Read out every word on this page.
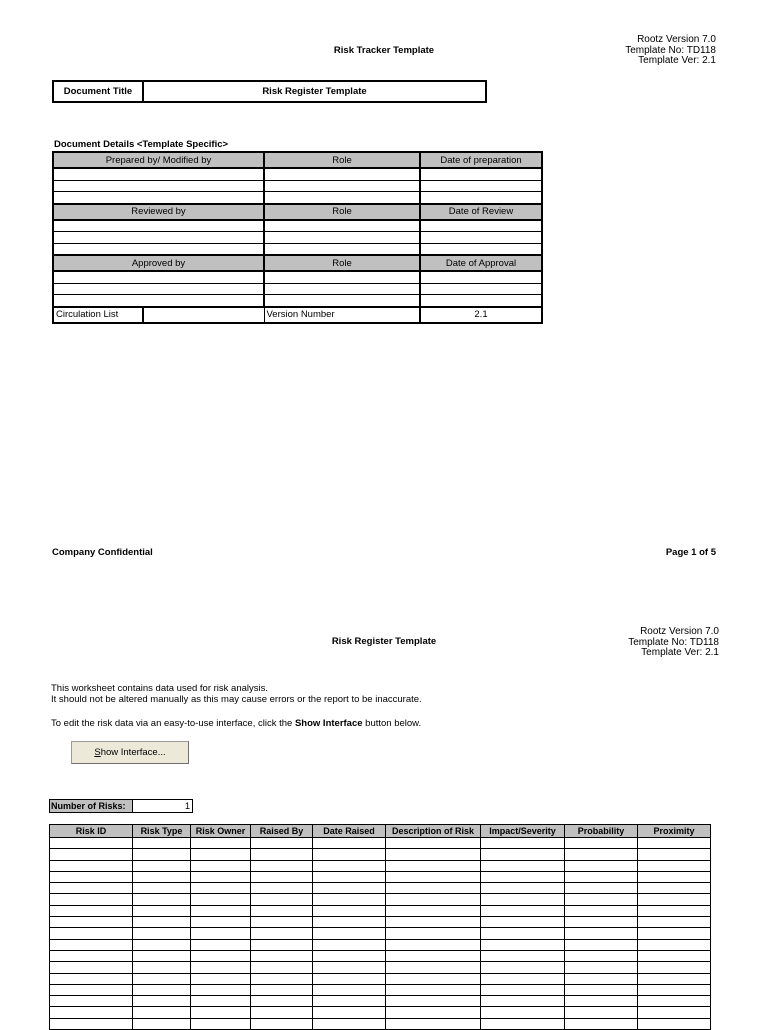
Rootz Version 7.0
Template No: TD118
Template Ver: 2.1
Risk Tracker Template
Document Title	Risk Register Template
Document Details <Template Specific>
Prepared by/ Modified by		Role	Date of preparation

Reviewed by		Role	Date of Review

Approved by		Role	Date of Approval

Circulation List		Version Number	2.1
Company Confidential	Page 1 of 5
Rootz Version 7.0
Template No: TD118
Template Ver: 2.1
Risk Register Template
This worksheet contains data used for risk analysis.
It should not be altered manually as this may cause errors or the report to be inaccurate.
To edit the risk data via an easy-to-use interface, click the Show Interface button below.
Show Interface...
Number of Risks:	1
Risk ID	Risk Type	Risk Owner	Raised By	Date Raised	Description of Risk	Impact/Severity	Probability	Proximity
